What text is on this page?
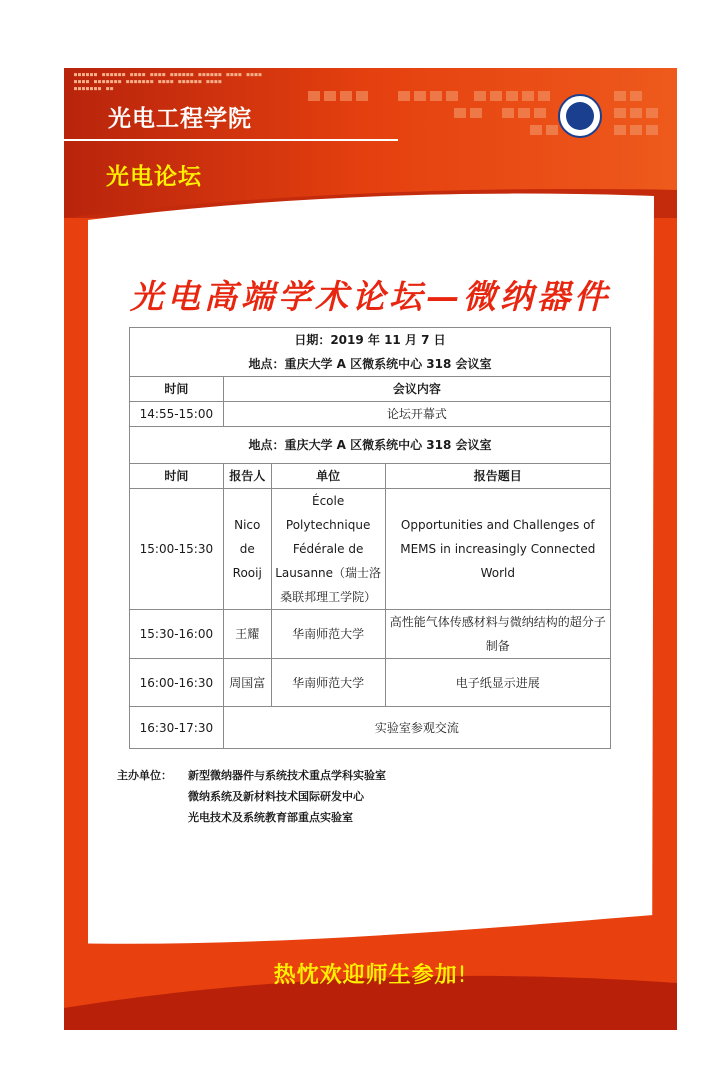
■■■■■■ ■■■■■■ ■■■■ ■■■■ ■■■■■■ ■■■■■■ ■■■■ ■■■■
■■■■ ■■■■■■■ ■■■■■■■ ■■■■ ■■■■■■ ■■■■
■■■■■■■ ■■
光电工程学院
光电论坛
光电高端学术论坛—微纳器件
日期：2019 年 11 月 7 日
地点：重庆大学 A 区微系统中心 318 会议室			

时间	会议内容		
14:55-15:00	论坛开幕式		
地点：重庆大学 A 区微系统中心 318 会议室			
时间	报告人	单位	报告题目
15:00-15:30	Nico de Rooij	École Polytechnique Fédérale de Lausanne（瑞士洛桑联邦理工学院）	Opportunities and Challenges of MEMS in increasingly Connected World
15:30-16:00	王耀	华南师范大学	高性能气体传感材料与微纳结构的超分子制备
16:00-16:30	周国富	华南师范大学	电子纸显示进展
16:30-17:30	实验室参观交流		
主办单位： 新型微纳器件与系统技术重点学科实验室
微纳系统及新材料技术国际研发中心
光电技术及系统教育部重点实验室
热忱欢迎师生参加!
